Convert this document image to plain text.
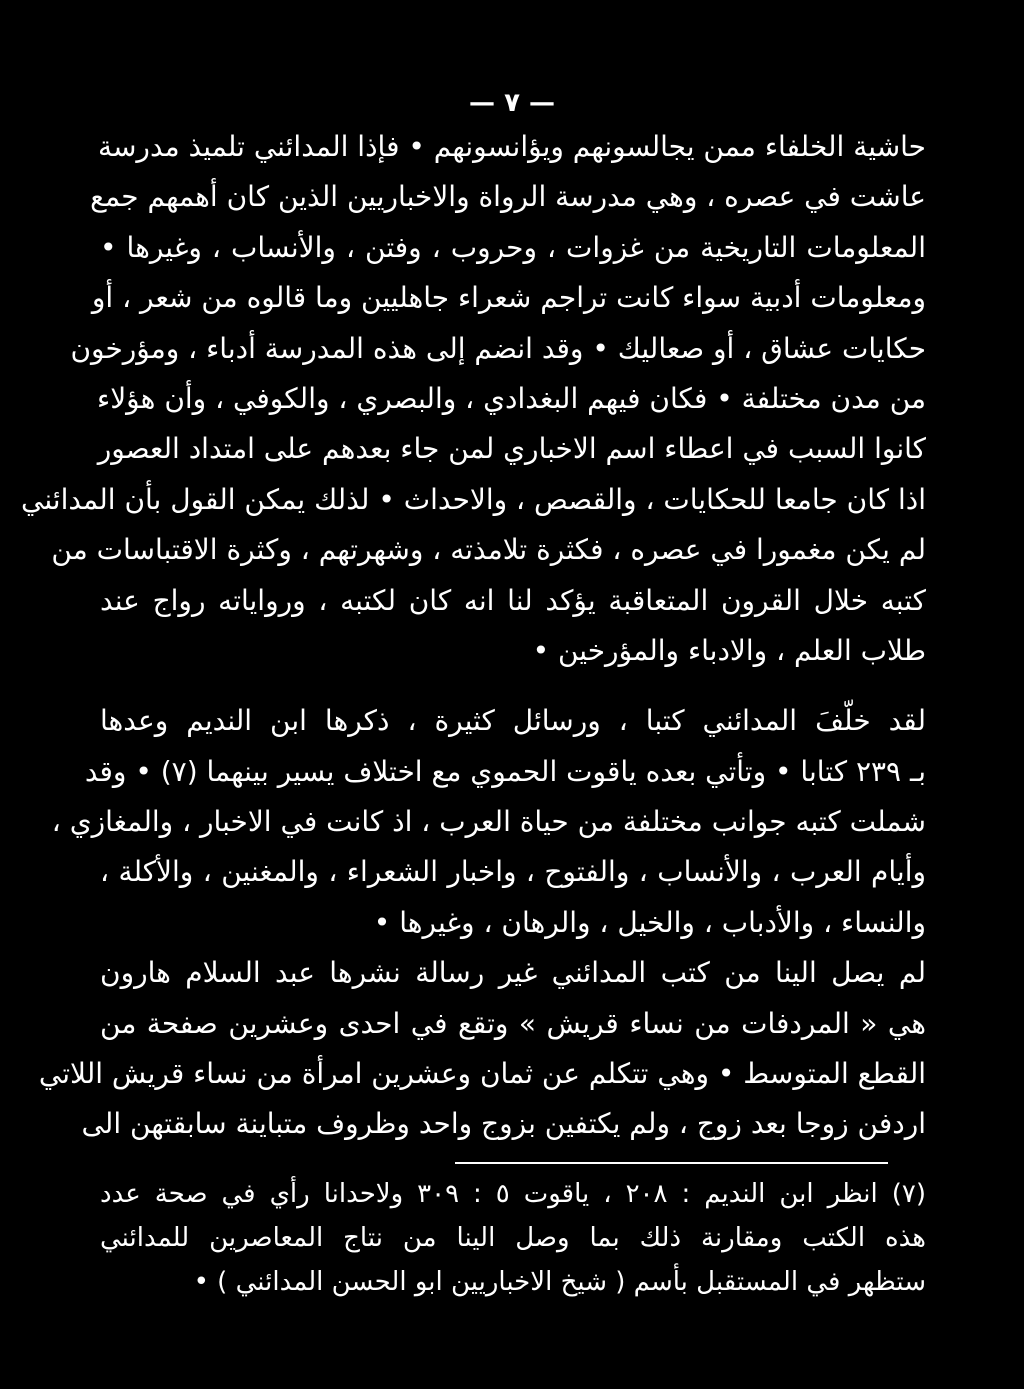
— ٧ —
حاشية الخلفاء ممن يجالسونهم ويؤانسونهم • فإذا المدائني تلميذ مدرسة
عاشت في عصره ، وهي مدرسة الرواة والاخباريين الذين كان أهمهم جمع
المعلومات التاريخية من غزوات ، وحروب ، وفتن ، والأنساب ، وغيرها •
ومعلومات أدبية سواء كانت تراجم شعراء جاهليين وما قالوه من شعر ، أو
حكايات عشاق ، أو صعاليك • وقد انضم إلى هذه المدرسة أدباء ، ومؤرخون
من مدن مختلفة • فكان فيهم البغدادي ، والبصري ، والكوفي ، وأن هؤلاء
كانوا السبب في اعطاء اسم الاخباري لمن جاء بعدهم على امتداد العصور
اذا كان جامعا للحكايات ، والقصص ، والاحداث • لذلك يمكن القول بأن المدائني
لم يكن مغمورا في عصره ، فكثرة تلامذته ، وشهرتهم ، وكثرة الاقتباسات من
كتبه خلال القرون المتعاقبة يؤكد لنا انه كان لكتبه ، ورواياته رواج عند
طلاب العلم ، والادباء والمؤرخين •
لقد خلّفَ المدائني كتبا ، ورسائل كثيرة ، ذكرها ابن النديم وعدها
بـ ٢٣٩ كتابا • وتأتي بعده ياقوت الحموي مع اختلاف يسير بينهما (٧) • وقد
شملت كتبه جوانب مختلفة من حياة العرب ، اذ كانت في الاخبار ، والمغازي ،
وأيام العرب ، والأنساب ، والفتوح ، واخبار الشعراء ، والمغنين ، والأكلة ،
والنساء ، والأدباب ، والخيل ، والرهان ، وغيرها •
لم يصل الينا من كتب المدائني غير رسالة نشرها عبد السلام هارون
هي « المردفات من نساء قريش » وتقع في احدى وعشرين صفحة من
القطع المتوسط • وهي تتكلم عن ثمان وعشرين امرأة من نساء قريش اللاتي
اردفن زوجا بعد زوج ، ولم يكتفين بزوج واحد وظروف متباينة سابقتهن الى
(٧) انظر ابن النديم : ٢٠٨ ، ياقوت ٥ : ٣٠٩ ولاحدانا رأي في صحة عدد
هذه الكتب ومقارنة ذلك بما وصل الينا من نتاج المعاصرين للمدائني
ستظهر في المستقبل بأسم ( شيخ الاخباريين ابو الحسن المدائني ) •
